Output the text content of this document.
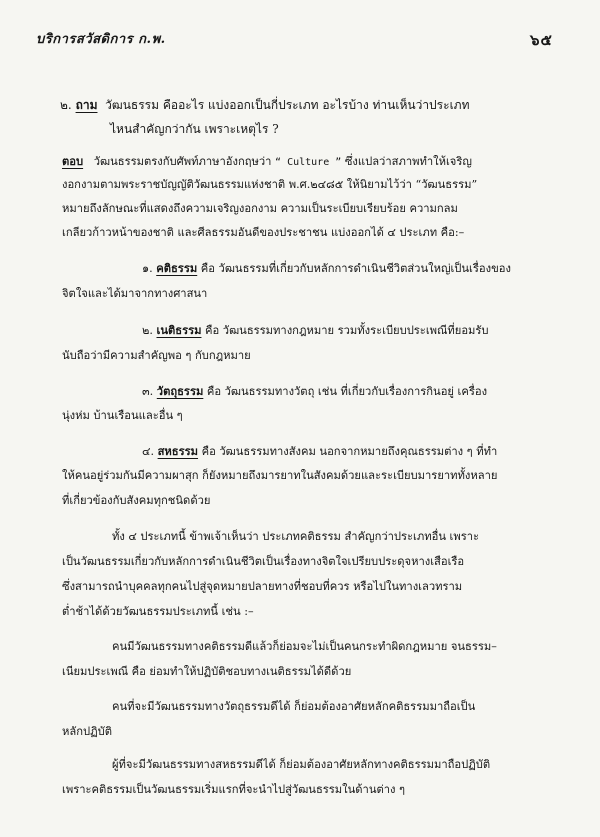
บริการสวัสดิการ ก.พ.	๖๕
๒. ถาม วัฒนธรรม คืออะไร แบ่งออกเป็นกี่ประเภท อะไรบ้าง ท่านเห็นว่าประเภท
ไหนสำคัญกว่ากัน เพราะเหตุไร ?
ตอบ วัฒนธรรมตรงกับศัพท์ภาษาอังกฤษว่า “ Culture ” ซึ่งแปลว่าสภาพทำให้เจริญ
งอกงามตามพระราชบัญญัติวัฒนธรรมแห่งชาติ พ.ศ.๒๔๘๕ ให้นิยามไว้ว่า “วัฒนธรรม”
หมายถึงลักษณะที่แสดงถึงความเจริญงอกงาม ความเป็นระเบียบเรียบร้อย ความกลม
เกลียวก้าวหน้าของชาติ และศีลธรรมอันดีของประชาชน แบ่งออกได้ ๔ ประเภท คือ:–
๑. คติธรรม คือ วัฒนธรรมที่เกี่ยวกับหลักการดำเนินชีวิตส่วนใหญ่เป็นเรื่องของ
จิตใจและได้มาจากทางศาสนา
๒. เนติธรรม คือ วัฒนธรรมทางกฎหมาย รวมทั้งระเบียบประเพณีที่ยอมรับ
นับถือว่ามีความสำคัญพอ ๆ กับกฎหมาย
๓. วัตถุธรรม คือ วัฒนธรรมทางวัตถุ เช่น ที่เกี่ยวกับเรื่องการกินอยู่ เครื่อง
นุ่งห่ม บ้านเรือนและอื่น ๆ
๔. สหธรรม คือ วัฒนธรรมทางสังคม นอกจากหมายถึงคุณธรรมต่าง ๆ ที่ทำ
ให้คนอยู่ร่วมกันมีความผาสุก ก็ยังหมายถึงมารยาทในสังคมด้วยและระเบียบมารยาททั้งหลาย
ที่เกี่ยวข้องกับสังคมทุกชนิดด้วย
ทั้ง ๔ ประเภทนี้ ข้าพเจ้าเห็นว่า ประเภทคติธรรม สำคัญกว่าประเภทอื่น เพราะ
เป็นวัฒนธรรมเกี่ยวกับหลักการดำเนินชีวิตเป็นเรื่องทางจิตใจเปรียบประดุจหางเสือเรือ
ซึ่งสามารถนำบุคคลทุกคนไปสู่จุดหมายปลายทางที่ชอบที่ควร หรือไปในทางเลวทราม
ต่ำช้าได้ด้วยวัฒนธรรมประเภทนี้ เช่น :–
คนมีวัฒนธรรมทางคติธรรมดีแล้วก็ย่อมจะไม่เป็นคนกระทำผิดกฎหมาย จนธรรม–
เนียมประเพณี คือ ย่อมทำให้ปฏิบัติชอบทางเนติธรรมได้ดีด้วย
คนที่จะมีวัฒนธรรมทางวัตถุธรรมดีได้ ก็ย่อมต้องอาศัยหลักคติธรรมมาถือเป็น
หลักปฏิบัติ
ผู้ที่จะมีวัฒนธรรมทางสหธรรมดีได้ ก็ย่อมต้องอาศัยหลักทางคติธรรมมาถือปฏิบัติ
เพราะคติธรรมเป็นวัฒนธรรมเริ่มแรกที่จะนำไปสู่วัฒนธรรมในด้านต่าง ๆ
